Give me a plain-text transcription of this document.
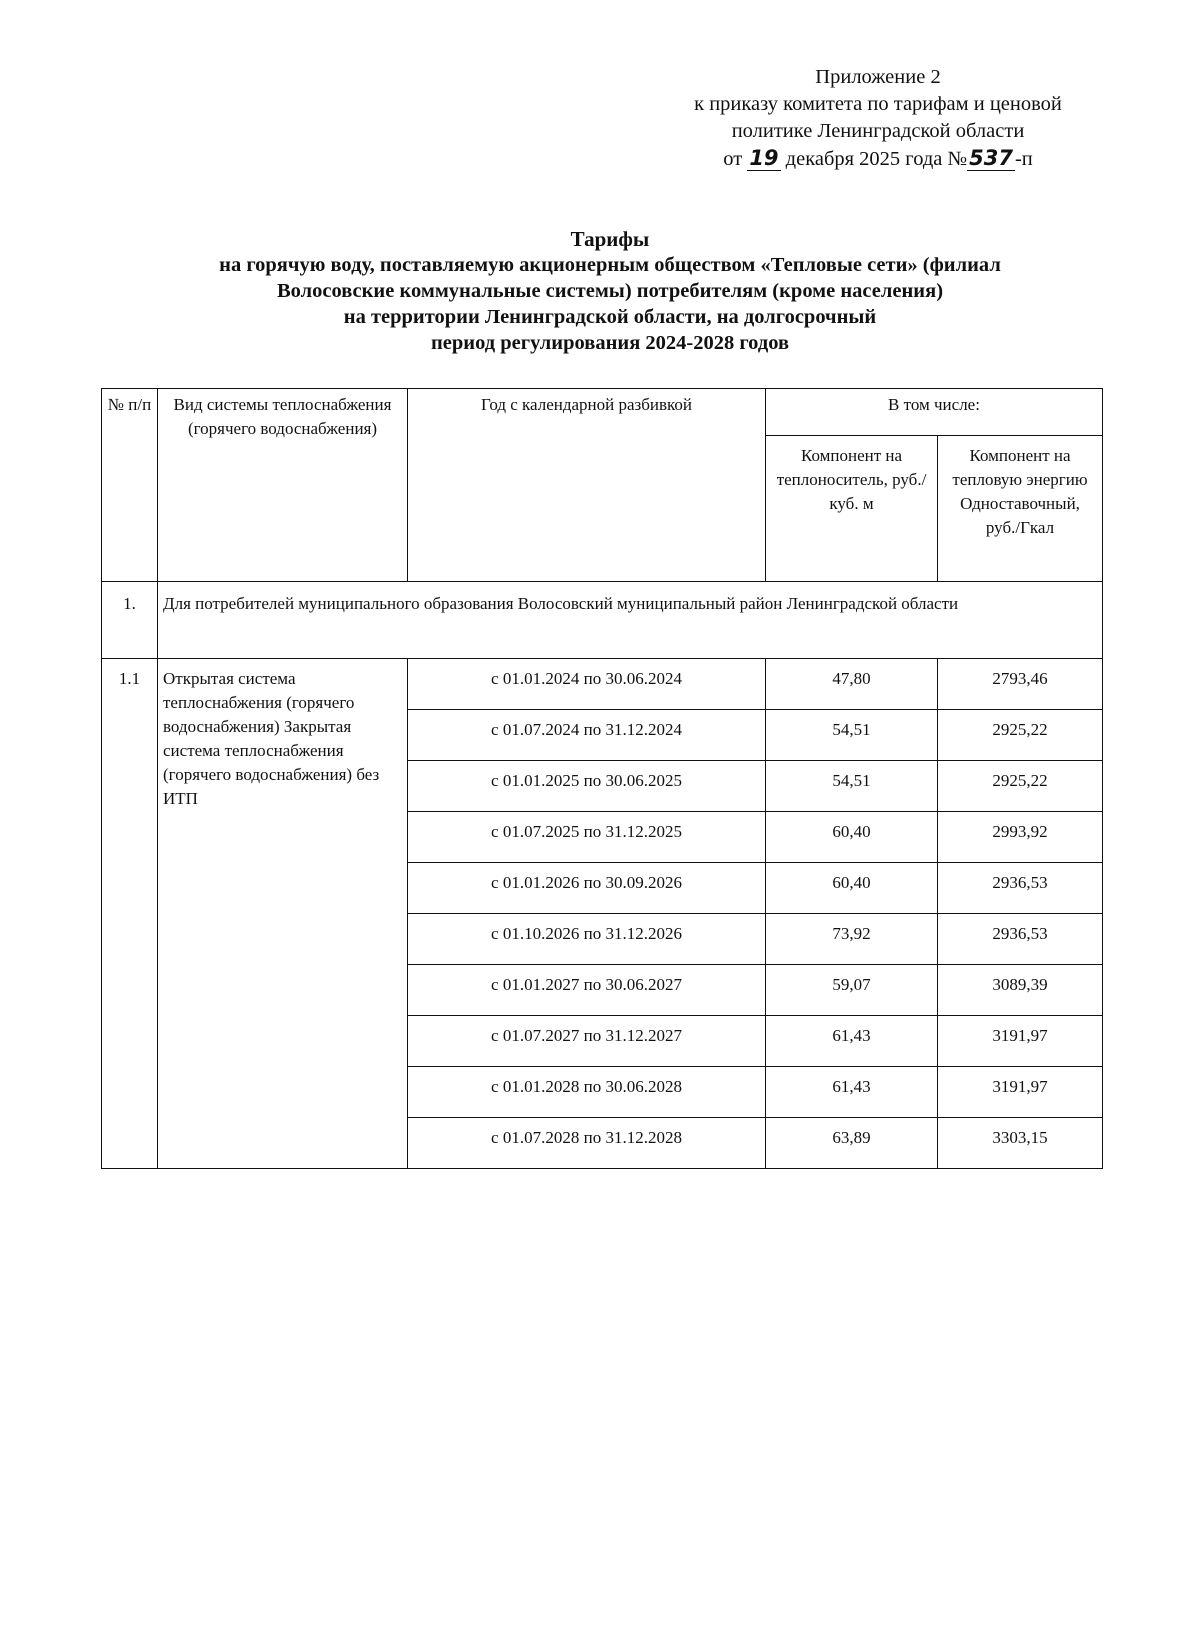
Приложение 2
к приказу комитета по тарифам и ценовой
политике Ленинградской области
от 19 декабря 2025 года №537-п
Тарифы
на горячую воду, поставляемую акционерным обществом «Тепловые сети» (филиал
Волосовские коммунальные системы) потребителям (кроме населения)
на территории Ленинградской области, на долгосрочный
период регулирования 2024-2028 годов
№ п/п	Вид системы теплоснабжения (горячего водоснабжения)	Год с календарной разбивкой	В том числе:	
			Компонент на теплоноситель, руб./куб. м	Компонент на тепловую энергию Одноставочный, руб./Гкал
1.	Для потребителей муниципального образования Волосовский муниципальный район Ленинградской области			
1.1	Открытая система теплоснабжения (горячего водоснабжения) Закрытая система теплоснабжения (горячего водоснабжения) без ИТП	с 01.01.2024 по 30.06.2024	47,80	2793,46
		с 01.07.2024 по 31.12.2024	54,51	2925,22
		с 01.01.2025 по 30.06.2025	54,51	2925,22
		с 01.07.2025 по 31.12.2025	60,40	2993,92
		с 01.01.2026 по 30.09.2026	60,40	2936,53
		с 01.10.2026 по 31.12.2026	73,92	2936,53
		с 01.01.2027 по 30.06.2027	59,07	3089,39
		с 01.07.2027 по 31.12.2027	61,43	3191,97
		с 01.01.2028 по 30.06.2028	61,43	3191,97
		с 01.07.2028 по 31.12.2028	63,89	3303,15
